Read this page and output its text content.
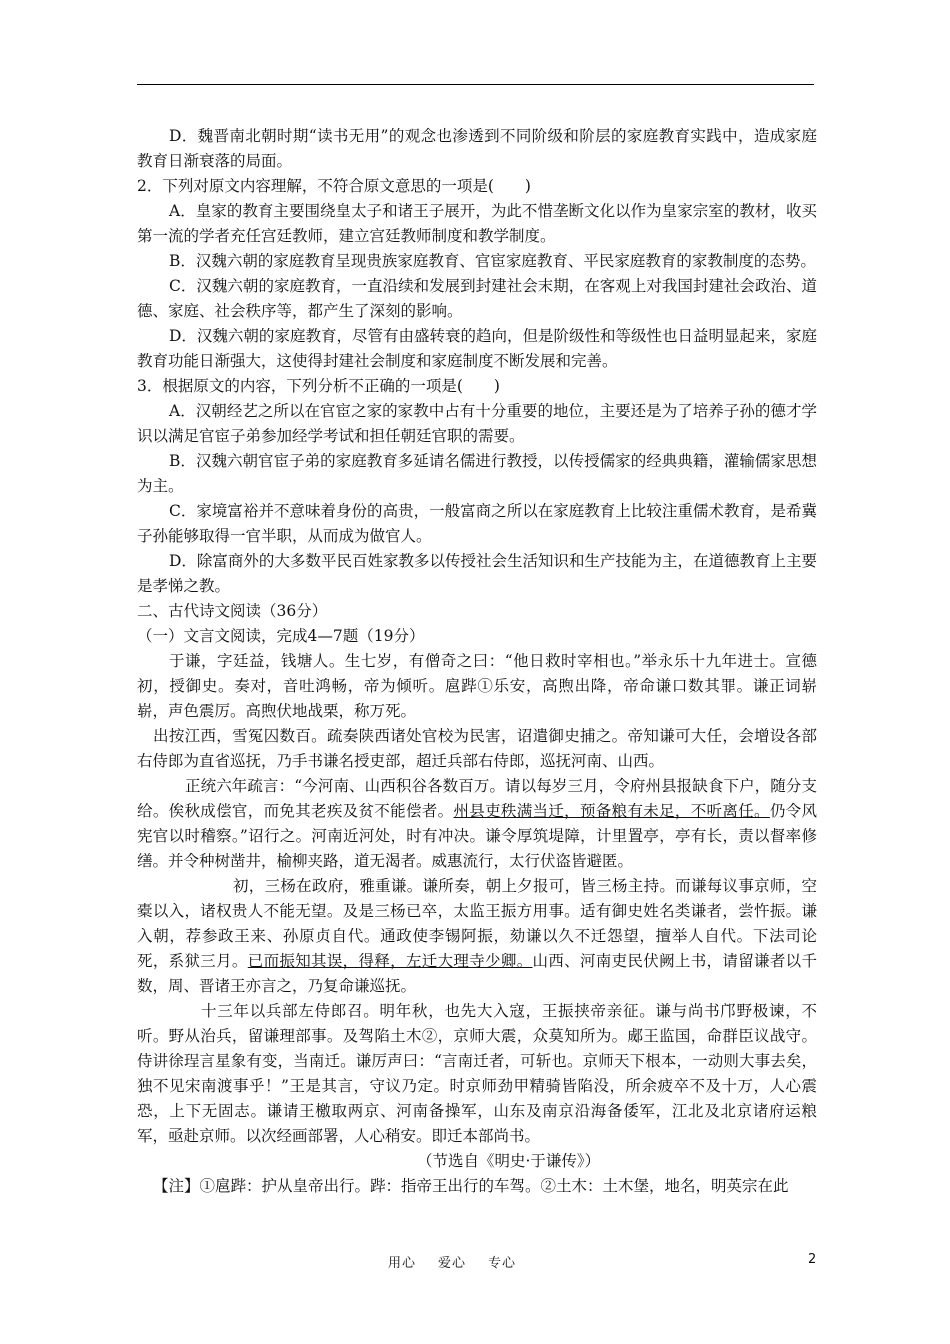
D．魏晋南北朝时期“读书无用”的观念也渗透到不同阶级和阶层的家庭教育实践中，造成家庭教育日渐衰落的局面。

2．下列对原文内容理解，不符合原文意思的一项是(　　)

A．皇家的教育主要围绕皇太子和诸王子展开，为此不惜垄断文化以作为皇家宗室的教材，收买第一流的学者充任宫廷教师，建立宫廷教师制度和教学制度。

B．汉魏六朝的家庭教育呈现贵族家庭教育、官宦家庭教育、平民家庭教育的家教制度的态势。

C．汉魏六朝的家庭教育，一直沿续和发展到封建社会末期，在客观上对我国封建社会政治、道德、家庭、社会秩序等，都产生了深刻的影响。

D．汉魏六朝的家庭教育，尽管有由盛转衰的趋向，但是阶级性和等级性也日益明显起来，家庭教育功能日渐强大，这使得封建社会制度和家庭制度不断发展和完善。

3．根据原文的内容，下列分析不正确的一项是(　　)

A．汉朝经艺之所以在官宦之家的家教中占有十分重要的地位，主要还是为了培养子孙的德才学识以满足官宦子弟参加经学考试和担任朝廷官职的需要。

B．汉魏六朝官宦子弟的家庭教育多延请名儒进行教授，以传授儒家的经典典籍，灌输儒家思想为主。

C．家境富裕并不意味着身份的高贵，一般富商之所以在家庭教育上比较注重儒术教育，是希冀子孙能够取得一官半职，从而成为做官人。

D．除富商外的大多数平民百姓家教多以传授社会生活知识和生产技能为主，在道德教育上主要是孝悌之教。

二、古代诗文阅读（36分）

（一）文言文阅读，完成4—7题（19分）

于谦，字廷益，钱塘人。生七岁，有僧奇之曰：“他日救时宰相也。”举永乐十九年进士。宣德初，授御史。奏对，音吐鸿畅，帝为倾听。扈跸①乐安，高煦出降，帝命谦口数其罪。谦正词崭崭，声色震厉。高煦伏地战栗，称万死。

出按江西，雪冤囚数百。疏奏陕西诸处官校为民害，诏遣御史捕之。帝知谦可大任，会增设各部右侍郎为直省巡抚，乃手书谦名授吏部，超迁兵部右侍郎，巡抚河南、山西。

正统六年疏言：“今河南、山西积谷各数百万。请以每岁三月，令府州县报缺食下户，随分支给。俟秋成偿官，而免其老疾及贫不能偿者。州县吏秩满当迁，预备粮有未足，不听离任。仍令风宪官以时稽察。”诏行之。河南近河处，时有冲决。谦令厚筑堤障，计里置亭，亭有长，责以督率修缮。并令种树凿井，榆柳夹路，道无渴者。威惠流行，太行伏盗皆避匿。

初，三杨在政府，雅重谦。谦所奏，朝上夕报可，皆三杨主持。而谦每议事京师，空橐以入，诸权贵人不能无望。及是三杨已卒，太监王振方用事。适有御史姓名类谦者，尝忤振。谦入朝，荐参政王来、孙原贞自代。通政使李锡阿振，劾谦以久不迁怨望，擅举人自代。下法司论死，系狱三月。已而振知其误，得释，左迁大理寺少卿。山西、河南吏民伏阙上书，请留谦者以千数，周、晋诸王亦言之，乃复命谦巡抚。

十三年以兵部左侍郎召。明年秋，也先大入寇，王振挟帝亲征。谦与尚书邝野极谏，不听。野从治兵，留谦理部事。及驾陷土木②，京师大震，众莫知所为。郕王监国，命群臣议战守。侍讲徐珵言星象有变，当南迁。谦厉声曰：“言南迁者，可斩也。京师天下根本，一动则大事去矣，独不见宋南渡事乎！”王是其言，守议乃定。时京师劲甲精骑皆陷没，所余疲卒不及十万，人心震恐，上下无固志。谦请王檄取两京、河南备操军，山东及南京沿海备倭军，江北及北京诸府运粮军，亟赴京师。以次经画部署，人心稍安。即迁本部尚书。

（节选自《明史·于谦传》）

【注】①扈跸：护从皇帝出行。跸：指帝王出行的车驾。②土木：土木堡，地名，明英宗在此

用心 爱心 专心	2
